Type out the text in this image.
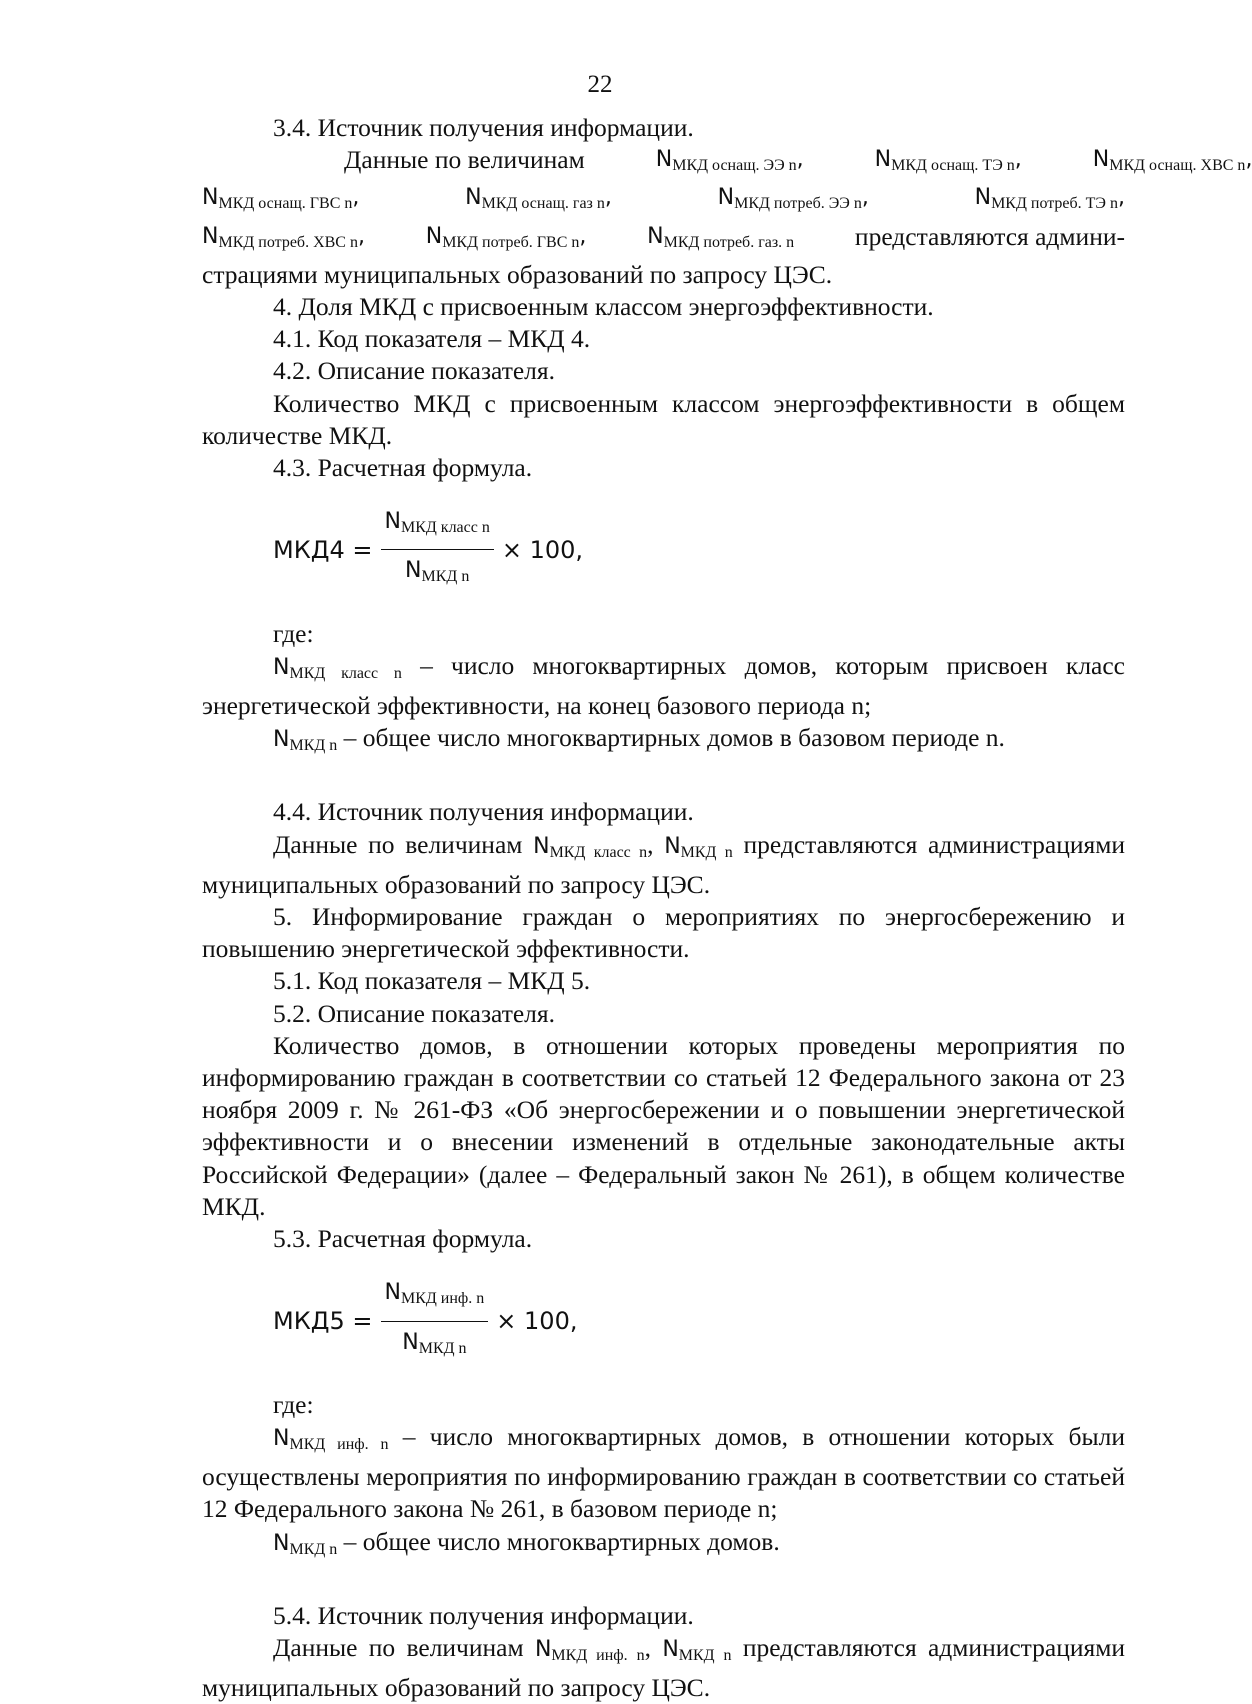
22

3.4. Источник получения информации.

Данные по величинам	$N_{МКД оснащ. ЭЭ n}$,	$N_{МКД оснащ. ТЭ n}$,	$N_{МКД оснащ. ХВС n}$,
$N_{МКД оснащ. ГВС n}$,	$N_{МКД оснащ. газ n}$,	$N_{МКД потреб. ЭЭ n}$,	$N_{МКД потреб. ТЭ n}$,
$N_{МКД потреб. ХВС n}$,	$N_{МКД потреб. ГВС n}$,	$N_{МКД потреб. газ. n}$ представляются админи-

страциями муниципальных образований по запросу ЦЭС.

4. Доля МКД с присвоенным классом энергоэффективности.

4.1. Код показателя – МКД 4.

4.2. Описание показателя.

Количество МКД с присвоенным классом энергоэффективности в общем количестве МКД.

4.3. Расчетная формула.

$МКД4 = \frac{N_{МКД класс n}}{N_{МКД n}} \times 100$,

где:

$N_{МКД класс n}$ – число многоквартирных домов, которым присвоен класс энергетической эффективности, на конец базового периода n;

$N_{МКД n}$ – общее число многоквартирных домов в базовом периоде n.

4.4. Источник получения информации.

Данные по величинам $N_{МКД класс n}$, $N_{МКД n}$ представляются администрациями муниципальных образований по запросу ЦЭС.

5. Информирование граждан о мероприятиях по энергосбережению и повышению энергетической эффективности.

5.1. Код показателя – МКД 5.

5.2. Описание показателя.

Количество домов, в отношении которых проведены мероприятия по информированию граждан в соответствии со статьей 12 Федерального закона от 23 ноября 2009 г. № 261-ФЗ «Об энергосбережении и о повышении энергетической эффективности и о внесении изменений в отдельные законодательные акты Российской Федерации» (далее – Федеральный закон № 261), в общем количестве МКД.

5.3. Расчетная формула.

$МКД5 = \frac{N_{МКД инф. n}}{N_{МКД n}} \times 100$,

где:

$N_{МКД инф. n}$ – число многоквартирных домов, в отношении которых были осуществлены мероприятия по информированию граждан в соответствии со статьей 12 Федерального закона № 261, в базовом периоде n;

$N_{МКД n}$ – общее число многоквартирных домов.

5.4. Источник получения информации.

Данные по величинам $N_{МКД инф. n}$, $N_{МКД n}$ представляются администрациями муниципальных образований по запросу ЦЭС.
